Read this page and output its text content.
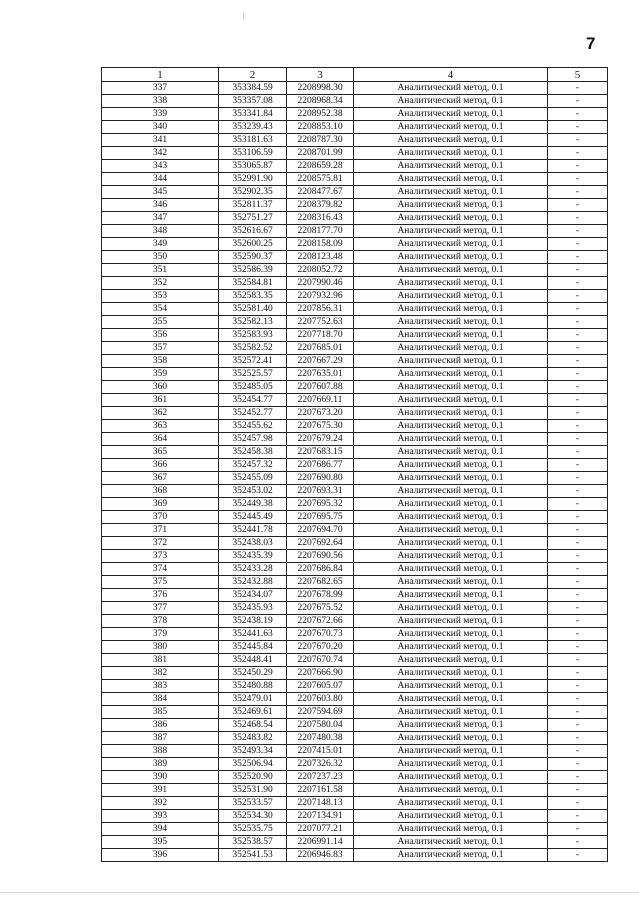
7
1	2	3	4	5
337	353384.59	2208998.30	Аналитический метод, 0.1	-
338	353357.08	2208968.34	Аналитический метод, 0.1	-
339	353341.84	2208952.38	Аналитический метод, 0.1	-
340	353239.43	2208853.10	Аналитический метод, 0.1	-
341	353181.63	2208787.30	Аналитический метод, 0.1	-
342	353106.59	2208701.99	Аналитический метод, 0.1	-
343	353065.87	2208659.28	Аналитический метод, 0.1	-
344	352991.90	2208575.81	Аналитический метод, 0.1	-
345	352902.35	2208477.67	Аналитический метод, 0.1	-
346	352811.37	2208379.82	Аналитический метод, 0.1	-
347	352751.27	2208316.43	Аналитический метод, 0.1	-
348	352616.67	2208177.70	Аналитический метод, 0.1	-
349	352600.25	2208158.09	Аналитический метод, 0.1	-
350	352590.37	2208123.48	Аналитический метод, 0.1	-
351	352586.39	2208052.72	Аналитический метод, 0.1	-
352	352584.81	2207990.46	Аналитический метод, 0.1	-
353	352583.35	2207932.96	Аналитический метод, 0.1	-
354	352581.40	2207856.31	Аналитический метод, 0.1	-
355	352582.13	2207752.63	Аналитический метод, 0.1	-
356	352583.93	2207718.70	Аналитический метод, 0.1	-
357	352582.52	2207685.01	Аналитический метод, 0.1	-
358	352572.41	2207667.29	Аналитический метод, 0.1	-
359	352525.57	2207635.01	Аналитический метод, 0.1	-
360	352485.05	2207607.88	Аналитический метод, 0.1	-
361	352454.77	2207669.11	Аналитический метод, 0.1	-
362	352452.77	2207673.20	Аналитический метод, 0.1	-
363	352455.62	2207675.30	Аналитический метод, 0.1	-
364	352457.98	2207679.24	Аналитический метод, 0.1	-
365	352458.38	2207683.15	Аналитический метод, 0.1	-
366	352457.32	2207686.77	Аналитический метод, 0.1	-
367	352455.09	2207690.80	Аналитический метод, 0.1	-
368	352453.02	2207693.31	Аналитический метод, 0.1	-
369	352449.38	2207695.32	Аналитический метод, 0.1	-
370	352445.49	2207695.75	Аналитический метод, 0.1	-
371	352441.78	2207694.70	Аналитический метод, 0.1	-
372	352438.03	2207692.64	Аналитический метод, 0.1	-
373	352435.39	2207690.56	Аналитический метод, 0.1	-
374	352433.28	2207686.84	Аналитический метод, 0.1	-
375	352432.88	2207682.65	Аналитический метод, 0.1	-
376	352434.07	2207678.99	Аналитический метод, 0.1	-
377	352435.93	2207675.52	Аналитический метод, 0.1	-
378	352438.19	2207672.66	Аналитический метод, 0.1	-
379	352441.63	2207670.73	Аналитический метод, 0.1	-
380	352445.84	2207670.20	Аналитический метод, 0.1	-
381	352448.41	2207670.74	Аналитический метод, 0.1	-
382	352450.29	2207666.90	Аналитический метод, 0.1	-
383	352480.88	2207605.07	Аналитический метод, 0.1	-
384	352479.01	2207603.80	Аналитический метод, 0.1	-
385	352469.61	2207594.69	Аналитический метод, 0.1	-
386	352468.54	2207580.04	Аналитический метод, 0.1	-
387	352483.82	2207480.38	Аналитический метод, 0.1	-
388	352493.34	2207415.01	Аналитический метод, 0.1	-
389	352506.94	2207326.32	Аналитический метод, 0.1	-
390	352520.90	2207237.23	Аналитический метод, 0.1	-
391	352531.90	2207161.58	Аналитический метод, 0.1	-
392	352533.57	2207148.13	Аналитический метод, 0.1	-
393	352534.30	2207134.91	Аналитический метод, 0.1	-
394	352535.75	2207077.21	Аналитический метод, 0.1	-
395	352538.57	2206991.14	Аналитический метод, 0.1	-
396	352541.53	2206946.83	Аналитический метод, 0.1	-
